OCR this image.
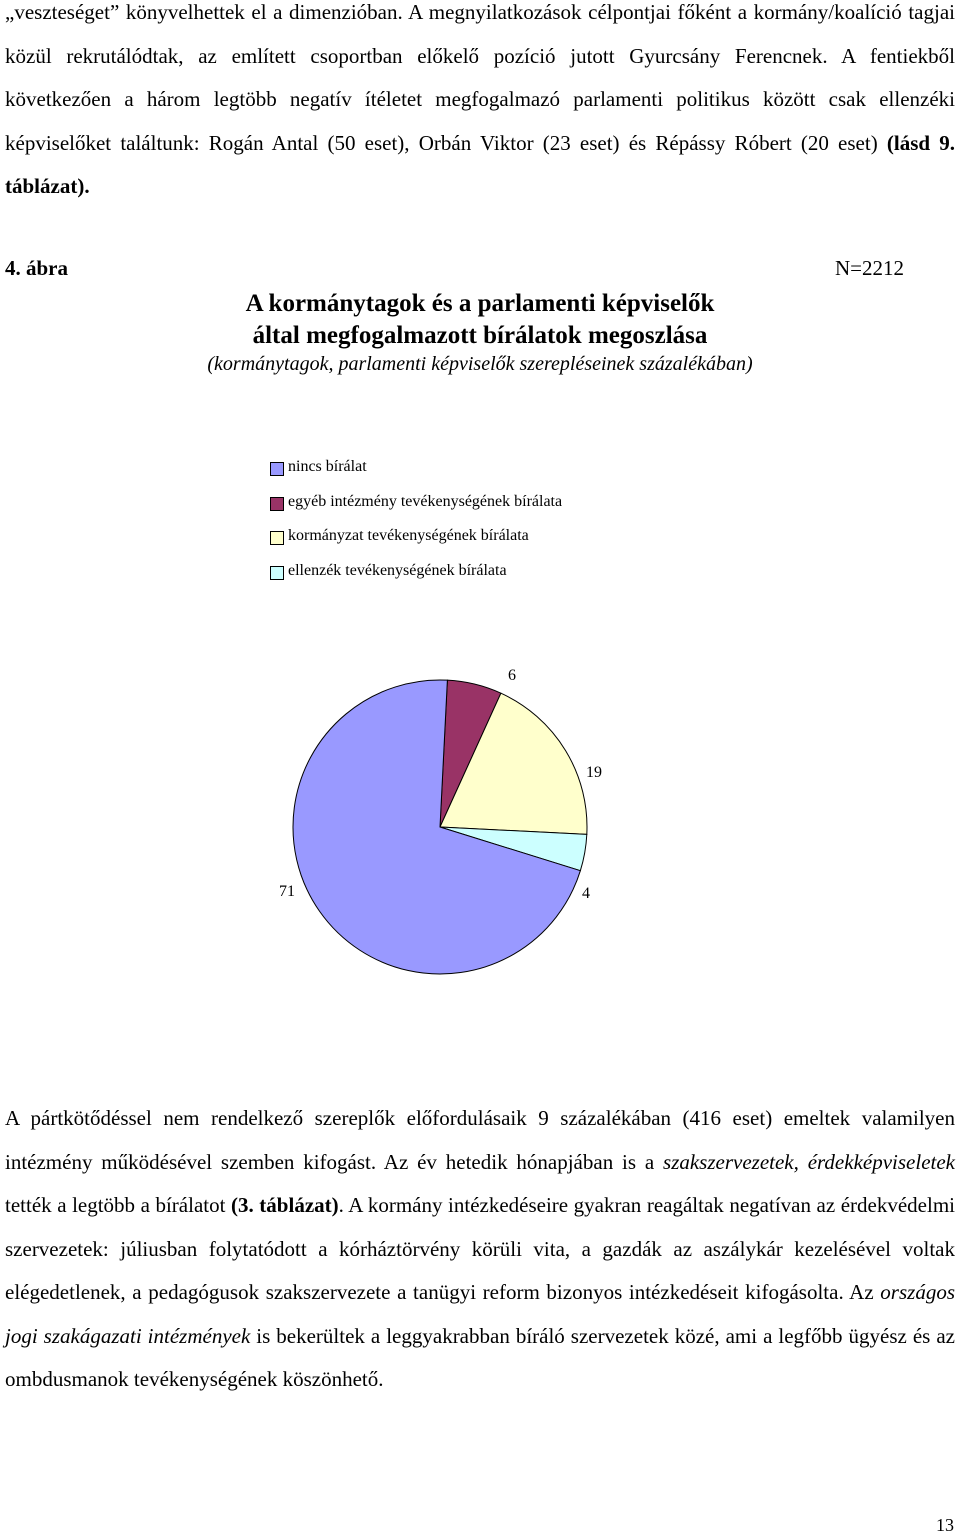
„veszteséget” könyvelhettek el a dimenzióban. A megnyilatkozások célpontjai főként a kormány/koalíció tagjai közül rekrutálódtak, az említett csoportban előkelő pozíció jutott Gyurcsány Ferencnek. A fentiekből következően a három legtöbb negatív ítéletet megfogalmazó parlamenti politikus között csak ellenzéki képviselőket találtunk: Rogán Antal (50 eset), Orbán Viktor (23 eset) és Répássy Róbert (20 eset) (lásd 9. táblázat).
4. ábra	N=2212
A kormánytagok és a parlamenti képviselők
által megfogalmazott bírálatok megoszlása
(kormánytagok, parlamenti képviselők szerepléseinek százalékában)
nincs bírálat
egyéb intézmény tevékenységének bírálata
kormányzat tevékenységének bírálata
ellenzék tevékenységének bírálata
6
19
4
71
A pártkötődéssel nem rendelkező szereplők előfordulásaik 9 százalékában (416 eset) emeltek valamilyen intézmény működésével szemben kifogást. Az év hetedik hónapjában is a szakszervezetek, érdekképviseletek tették a legtöbb a bírálatot (3. táblázat). A kormány intézkedéseire gyakran reagáltak negatívan az érdekvédelmi szervezetek: júliusban folytatódott a kórháztörvény körüli vita, a gazdák az aszálykár kezelésével voltak elégedetlenek, a pedagógusok szakszervezete a tanügyi reform bizonyos intézkedéseit kifogásolta. Az országos jogi szakágazati intézmények is bekerültek a leggyakrabban bíráló szervezetek közé, ami a legfőbb ügyész és az ombdusmanok tevékenységének köszönhető.
13
